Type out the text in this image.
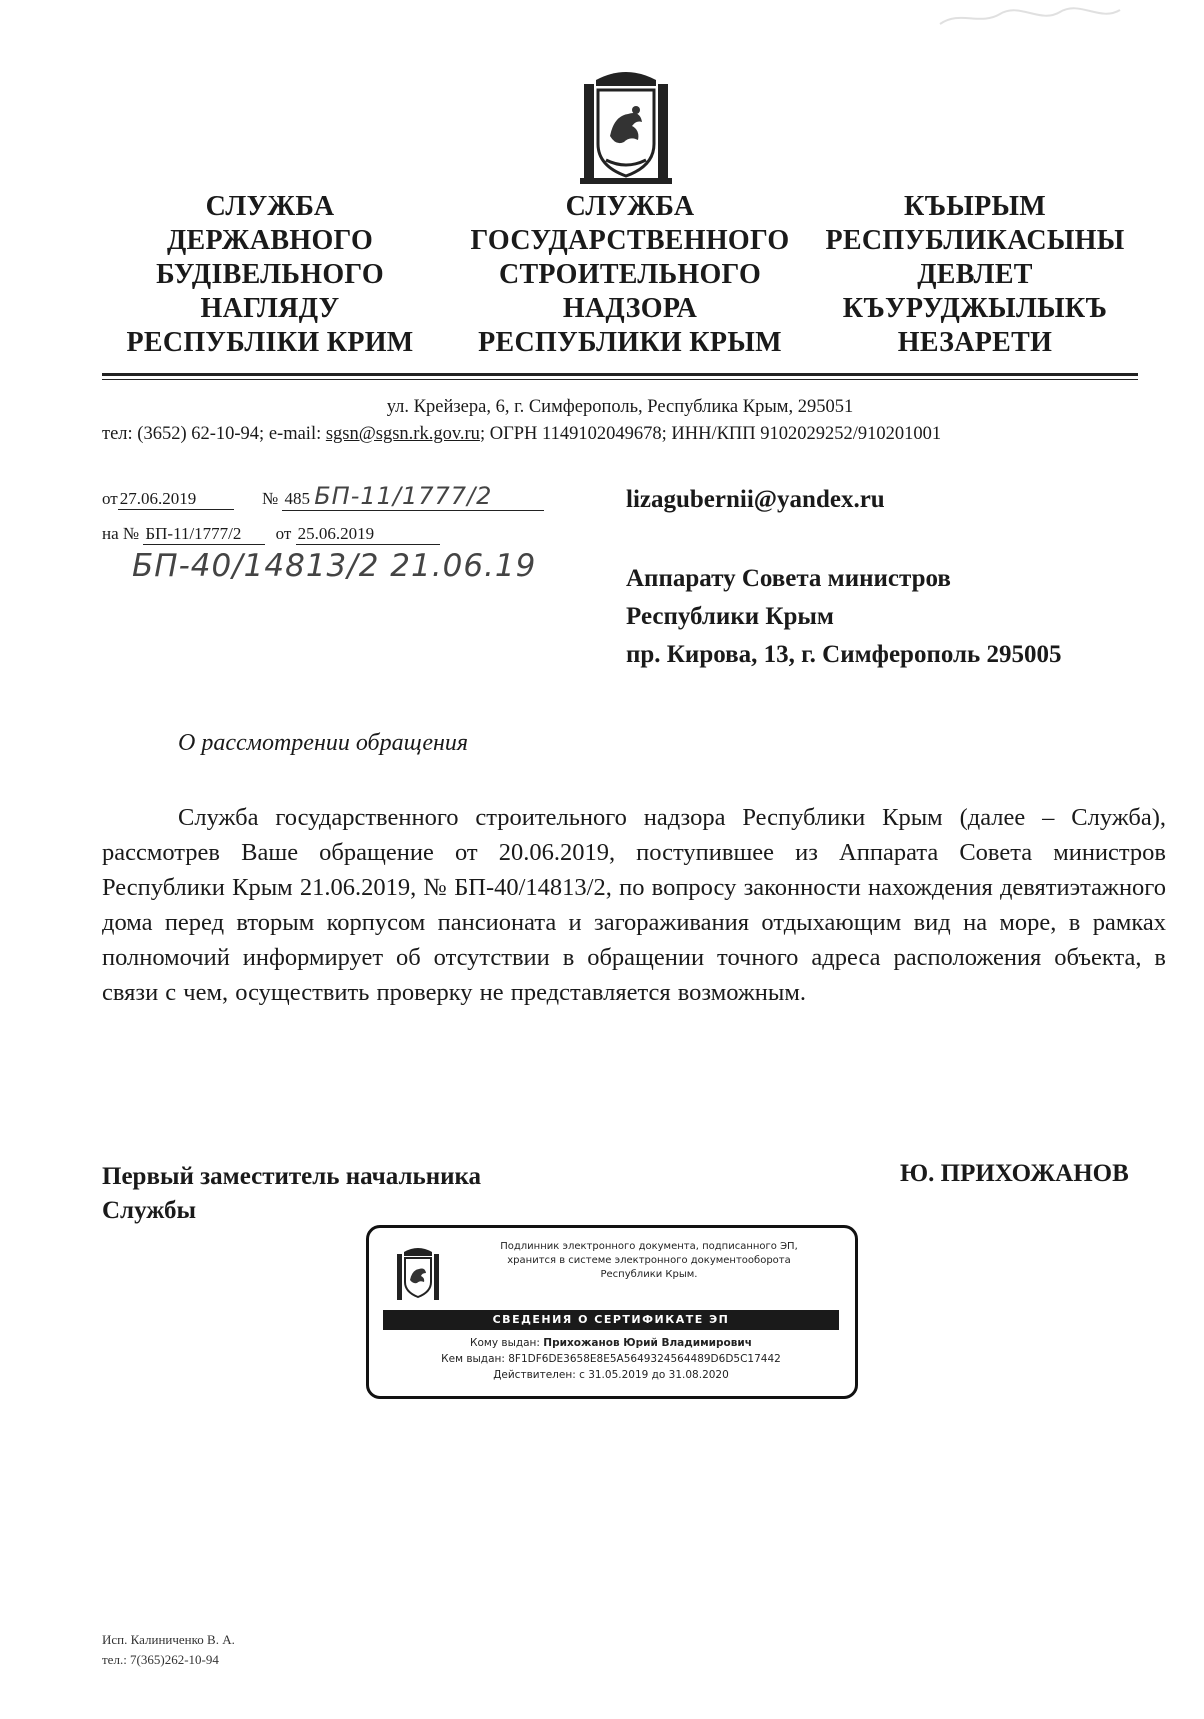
СЛУЖБА
ДЕРЖАВНОГО
БУДІВЕЛЬНОГО
НАГЛЯДУ
РЕСПУБЛІКИ КРИМ
СЛУЖБА
ГОСУДАРСТВЕННОГО
СТРОИТЕЛЬНОГО
НАДЗОРА
РЕСПУБЛИКИ КРЫМ
КЪЫРЫМ
РЕСПУБЛИКАСЫНЫ
ДЕВЛЕТ
КЪУРУДЖЫЛЫКЪ
НЕЗАРЕТИ
ул. Крейзера, 6, г. Симферополь, Республика Крым, 295051
тел: (3652) 62-10-94; e-mail: sgsn@sgsn.rk.gov.ru; ОГРН 1149102049678; ИНН/КПП 9102029252/910201001
от 27.06.2019	№ 485 БП-11/1777/2
на № БП-11/1777/2 от 25.06.2019
БП-40/14813/2 21.06.19
lizagubernii@yandex.ru
Аппарату Совета министров
Республики Крым
пр. Кирова, 13, г. Симферополь 295005
О рассмотрении обращения
Служба государственного строительного надзора Республики Крым (далее – Служба), рассмотрев Ваше обращение от 20.06.2019, поступившее из Аппарата Совета министров Республики Крым 21.06.2019, № БП-40/14813/2, по вопросу законности нахождения девятиэтажного дома перед вторым корпусом пансионата и загораживания отдыхающим вид на море, в рамках полномочий информирует об отсутствии в обращении точного адреса расположения объекта, в связи с чем, осуществить проверку не представляется возможным.
Первый заместитель начальника
Службы
Ю. ПРИХОЖАНОВ
Подлинник электронного документа, подписанного ЭП,
хранится в системе электронного документооборота
Республики Крым.
СВЕДЕНИЯ О СЕРТИФИКАТЕ ЭП
Кому выдан: Прихожанов Юрий Владимирович
Кем выдан: 8F1DF6DE3658E8E5A5649324564489D6D5C17442
Действителен: с 31.05.2019 до 31.08.2020
Исп. Калиниченко В. А.
тел.: 7(365)262-10-94
